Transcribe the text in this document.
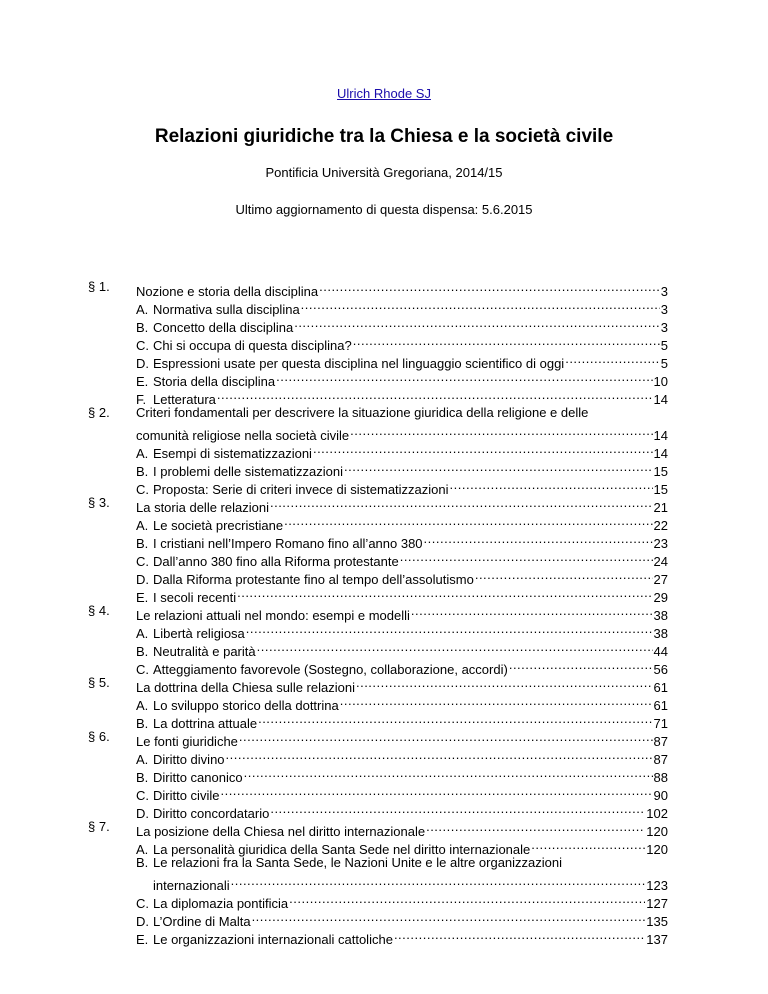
Ulrich Rhode SJ
Relazioni giuridiche tra la Chiesa e la società civile
Pontificia Università Gregoriana, 2014/15
Ultimo aggiornamento di questa dispensa: 5.6.2015
§ 1.	Nozione e storia della disciplina .....	3
A. Normativa sulla disciplina .....	3
B. Concetto della disciplina .....	3
C. Chi si occupa di questa disciplina? .....	5
D. Espressioni usate per questa disciplina nel linguaggio scientifico di oggi .....	5
E. Storia della disciplina .....	10
F. Letteratura .....	14
§ 2.	Criteri fondamentali per descrivere la situazione giuridica della religione e delle
comunità religiose nella società civile .....	14
A. Esempi di sistematizzazioni .....	14
B. I problemi delle sistematizzazioni .....	15
C. Proposta: Serie di criteri invece di sistematizzazioni .....	15
§ 3.	La storia delle relazioni .....	21
A. Le società precristiane .....	22
B. I cristiani nell’Impero Romano fino all’anno 380 .....	23
C. Dall’anno 380 fino alla Riforma protestante .....	24
D. Dalla Riforma protestante fino al tempo dell’assolutismo .....	27
E. I secoli recenti .....	29
§ 4.	Le relazioni attuali nel mondo: esempi e modelli .....	38
A. Libertà religiosa .....	38
B. Neutralità e parità .....	44
C. Atteggiamento favorevole (Sostegno, collaborazione, accordi) .....	56
§ 5.	La dottrina della Chiesa sulle relazioni .....	61
A. Lo sviluppo storico della dottrina .....	61
B. La dottrina attuale .....	71
§ 6.	Le fonti giuridiche .....	87
A. Diritto divino .....	87
B. Diritto canonico .....	88
C. Diritto civile .....	90
D. Diritto concordatario .....	102
§ 7.	La posizione della Chiesa nel diritto internazionale .....	120
A. La personalità giuridica della Santa Sede nel diritto internazionale .....	120
B. Le relazioni fra la Santa Sede, le Nazioni Unite e le altre organizzazioni
internazionali .....	123
C. La diplomazia pontificia .....	127
D. L’Ordine di Malta .....	135
E. Le organizzazioni internazionali cattoliche .....	137
